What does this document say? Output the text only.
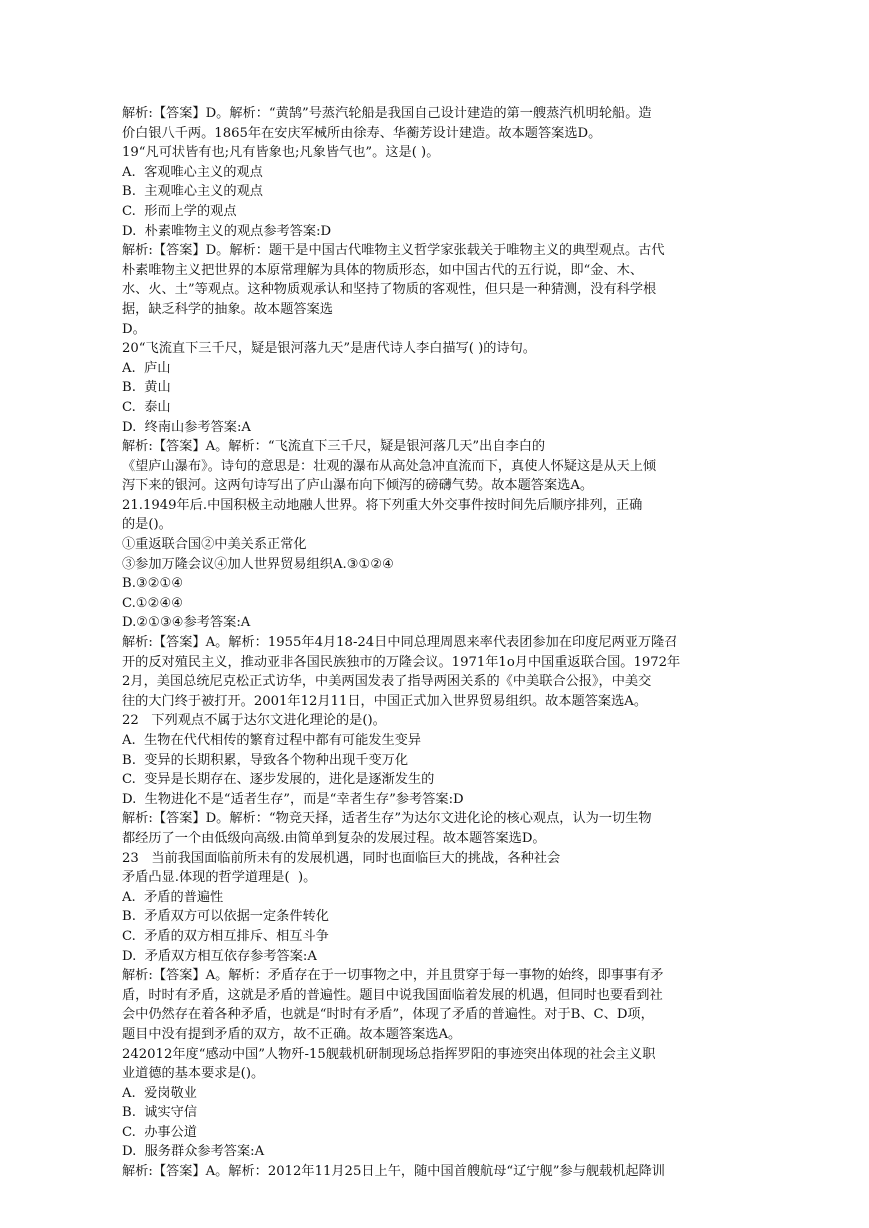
解析:【答案】D。解析：“黄鹄”号蒸汽轮船是我国自己设计建造的第一艘蒸汽机明轮船。造
价白银八千两。1865年在安庆军械所由徐寿、华蘅芳设计建造。故本题答案选D。
19“凡可状皆有也;凡有皆象也;凡象皆气也”。这是( )。
A.  客观唯心主义的观点
B.  主观唯心主义的观点
C.  形而上学的观点
D.  朴素唯物主义的观点参考答案:D
解析:【答案】D。解析：题干是中国古代唯物主义哲学家张载关于唯物主义的典型观点。古代
朴素唯物主义把世界的本原常理解为具体的物质形态，如中国古代的五行说，即“金、木、
水、火、土”等观点。这种物质观承认和坚持了物质的客观性，但只是一种猜测，没有科学根
据，缺乏科学的抽象。故本题答案选
D。
20“飞流直下三千尺，疑是银河落九天”是唐代诗人李白描写( )的诗句。
A.  庐山
B.  黄山
C.  泰山
D.  终南山参考答案:A
解析:【答案】A。解析：“飞流直下三千尺，疑是银河落几天”出自李白的
《望庐山瀑布》。诗句的意思是：壮观的瀑布从高处急冲直流而下，真使人怀疑这是从天上倾
泻下来的银河。这两句诗写出了庐山瀑布向下倾泻的磅礴气势。故本题答案选A。
21.1949年后.中国积极主动地融人世界。将下列重大外交事件按时间先后顺序排列，正确
的是()。
①重返联合国②中美关系正常化
③参加万隆会议④加人世界贸易组织A.③①②④
B.③②①④
C.①②④④
D.②①③④参考答案:A
解析:【答案】A。解析：1955年4月18-24日中同总理周恩来率代表团参加在印度尼两亚万隆召
开的反对殖民主义，推动亚非各国民族独市的万隆会议。1971年1o月中国重返联合国。1972年
2月，美国总统尼克松正式访华，中美两国发表了指导两困关系的《中美联合公报》，中美交
往的大门终于被打开。2001年12月11日，中国正式加入世界贸易组织。故本题答案选A。
22   下列观点不属于达尔文进化理论的是()。
A.  生物在代代相传的繁育过程中都有可能发生变异
B.  变异的长期积累，导致各个物种出现千变万化
C.  变异是长期存在、逐步发展的，进化是逐渐发生的
D.  生物进化不是“适者生存”，而是“幸者生存”参考答案:D
解析:【答案】D。解析：“物竞天择，适者生存”为达尔文进化论的核心观点，认为一切生物
都经历了一个由低级向高级.由简单到复杂的发展过程。故本题答案选D。
23   当前我国面临前所未有的发展机遇，同时也面临巨大的挑战，各种社会
矛盾凸显.体现的哲学道理是(  )。
A.  矛盾的普遍性
B.  矛盾双方可以依据一定条件转化
C.  矛盾的双方相互排斥、相互斗争
D.  矛盾双方相互依存参考答案:A
解析:【答案】A。解析：矛盾存在于一切事物之中，并且贯穿于每一事物的始终，即事事有矛
盾，时时有矛盾，这就是矛盾的普遍性。题目中说我国面临着发展的机遇，但同时也要看到社
会中仍然存在着各种矛盾，也就是“时时有矛盾”，体现了矛盾的普遍性。对于B、C、D项，
题目中没有提到矛盾的双方，故不正确。故本题答案选A。
242012年度“感动中国”人物歼-15舰载机研制现场总指挥罗阳的事迹突出体现的社会主义职
业道德的基本要求是()。
A.  爱岗敬业
B.  诚实守信
C.  办事公道
D.  服务群众参考答案:A
解析:【答案】A。解析：2012年11月25日上午，随中国首艘航母“辽宁舰”参与舰载机起降训
